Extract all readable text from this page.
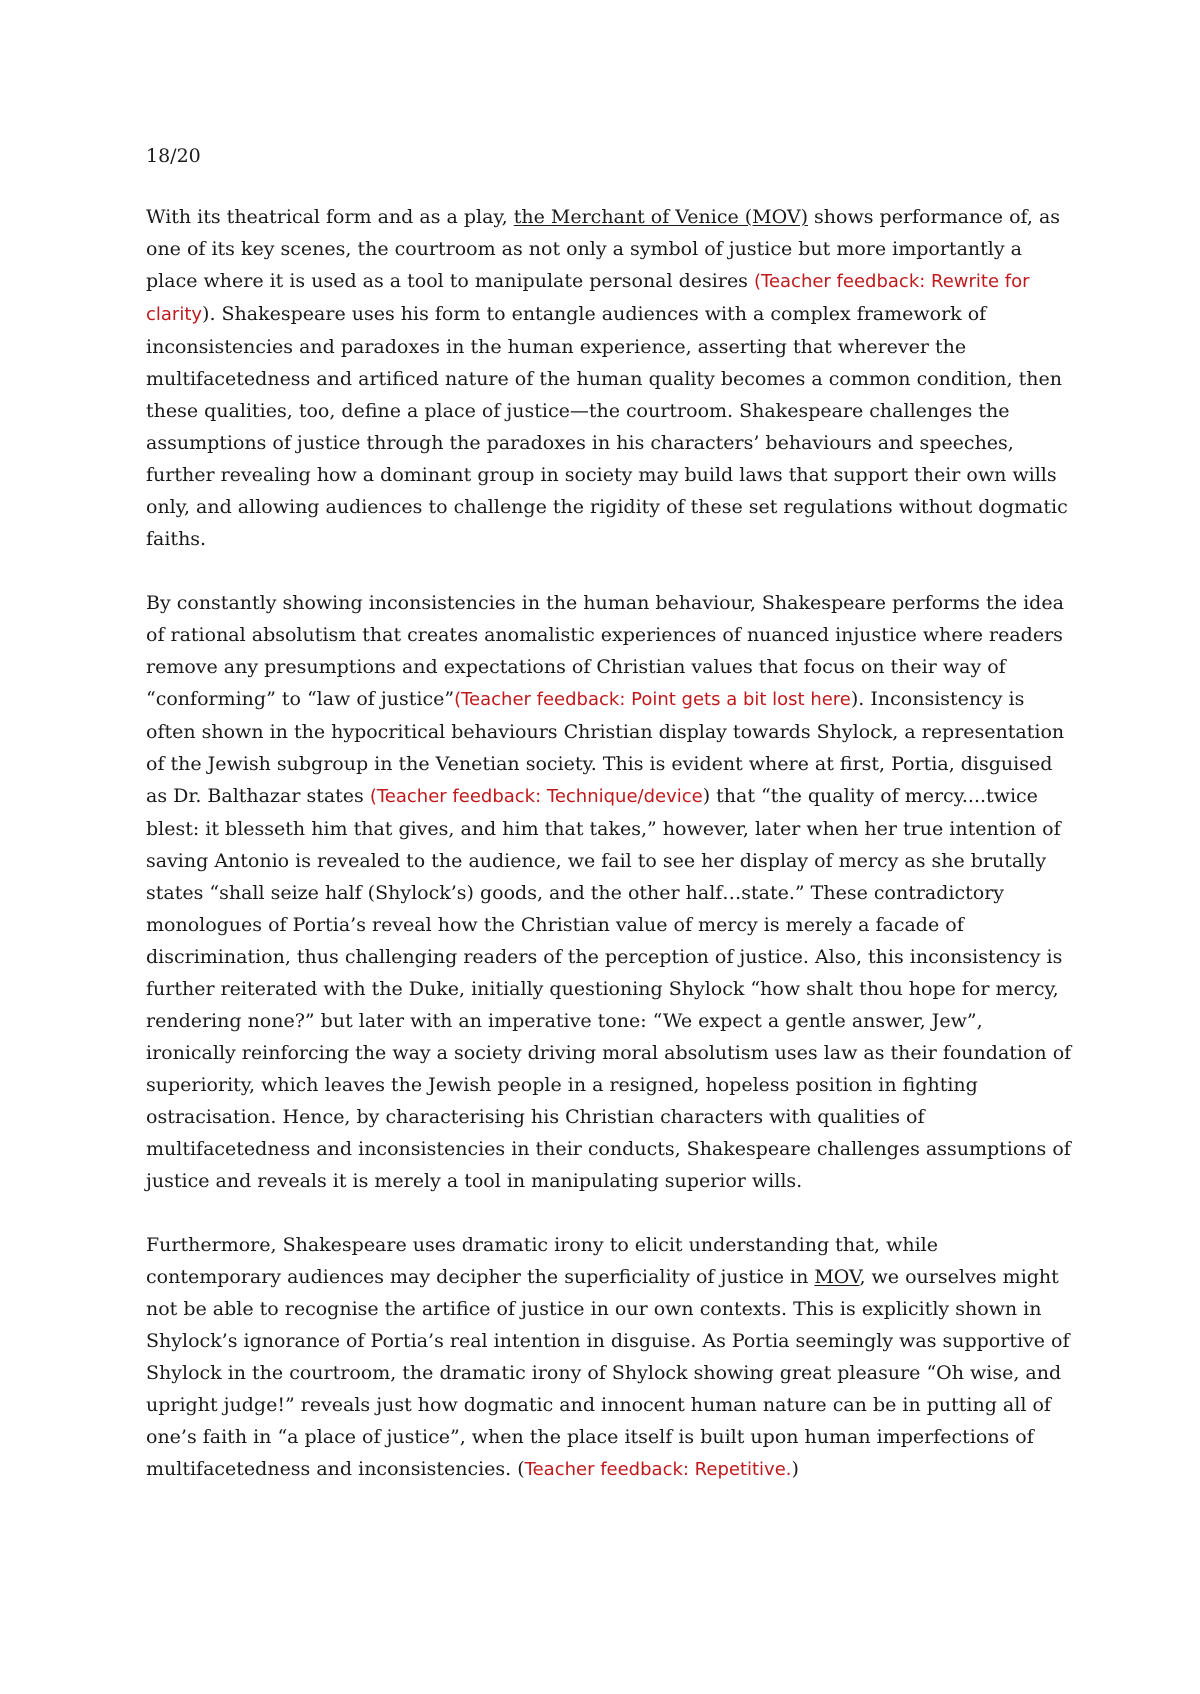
18/20

With its theatrical form and as a play, the Merchant of Venice (MOV) shows performance of, as one of its key scenes, the courtroom as not only a symbol of justice but more importantly a place where it is used as a tool to manipulate personal desires (Teacher feedback: Rewrite for clarity). Shakespeare uses his form to entangle audiences with a complex framework of inconsistencies and paradoxes in the human experience, asserting that wherever the multifacetedness and artificed nature of the human quality becomes a common condition, then these qualities, too, define a place of justice—the courtroom. Shakespeare challenges the assumptions of justice through the paradoxes in his characters’ behaviours and speeches, further revealing how a dominant group in society may build laws that support their own wills only, and allowing audiences to challenge the rigidity of these set regulations without dogmatic faiths.

By constantly showing inconsistencies in the human behaviour, Shakespeare performs the idea of rational absolutism that creates anomalistic experiences of nuanced injustice where readers remove any presumptions and expectations of Christian values that focus on their way of “conforming” to “law of justice”(Teacher feedback: Point gets a bit lost here). Inconsistency is often shown in the hypocritical behaviours Christian display towards Shylock, a representation of the Jewish subgroup in the Venetian society. This is evident where at first, Portia, disguised as Dr. Balthazar states (Teacher feedback: Technique/device) that “the quality of mercy....twice blest: it blesseth him that gives, and him that takes,” however, later when her true intention of saving Antonio is revealed to the audience, we fail to see her display of mercy as she brutally states “shall seize half (Shylock’s) goods, and the other half…state.” These contradictory monologues of Portia’s reveal how the Christian value of mercy is merely a facade of discrimination, thus challenging readers of the perception of justice. Also, this inconsistency is further reiterated with the Duke, initially questioning Shylock “how shalt thou hope for mercy, rendering none?” but later with an imperative tone: “We expect a gentle answer, Jew”, ironically reinforcing the way a society driving moral absolutism uses law as their foundation of superiority, which leaves the Jewish people in a resigned, hopeless position in fighting ostracisation. Hence, by characterising his Christian characters with qualities of multifacetedness and inconsistencies in their conducts, Shakespeare challenges assumptions of justice and reveals it is merely a tool in manipulating superior wills.

Furthermore, Shakespeare uses dramatic irony to elicit understanding that, while contemporary audiences may decipher the superficiality of justice in MOV, we ourselves might not be able to recognise the artifice of justice in our own contexts. This is explicitly shown in Shylock’s ignorance of Portia’s real intention in disguise. As Portia seemingly was supportive of Shylock in the courtroom, the dramatic irony of Shylock showing great pleasure “Oh wise, and upright judge!” reveals just how dogmatic and innocent human nature can be in putting all of one’s faith in “a place of justice”, when the place itself is built upon human imperfections of multifacetedness and inconsistencies. (Teacher feedback: Repetitive.)
